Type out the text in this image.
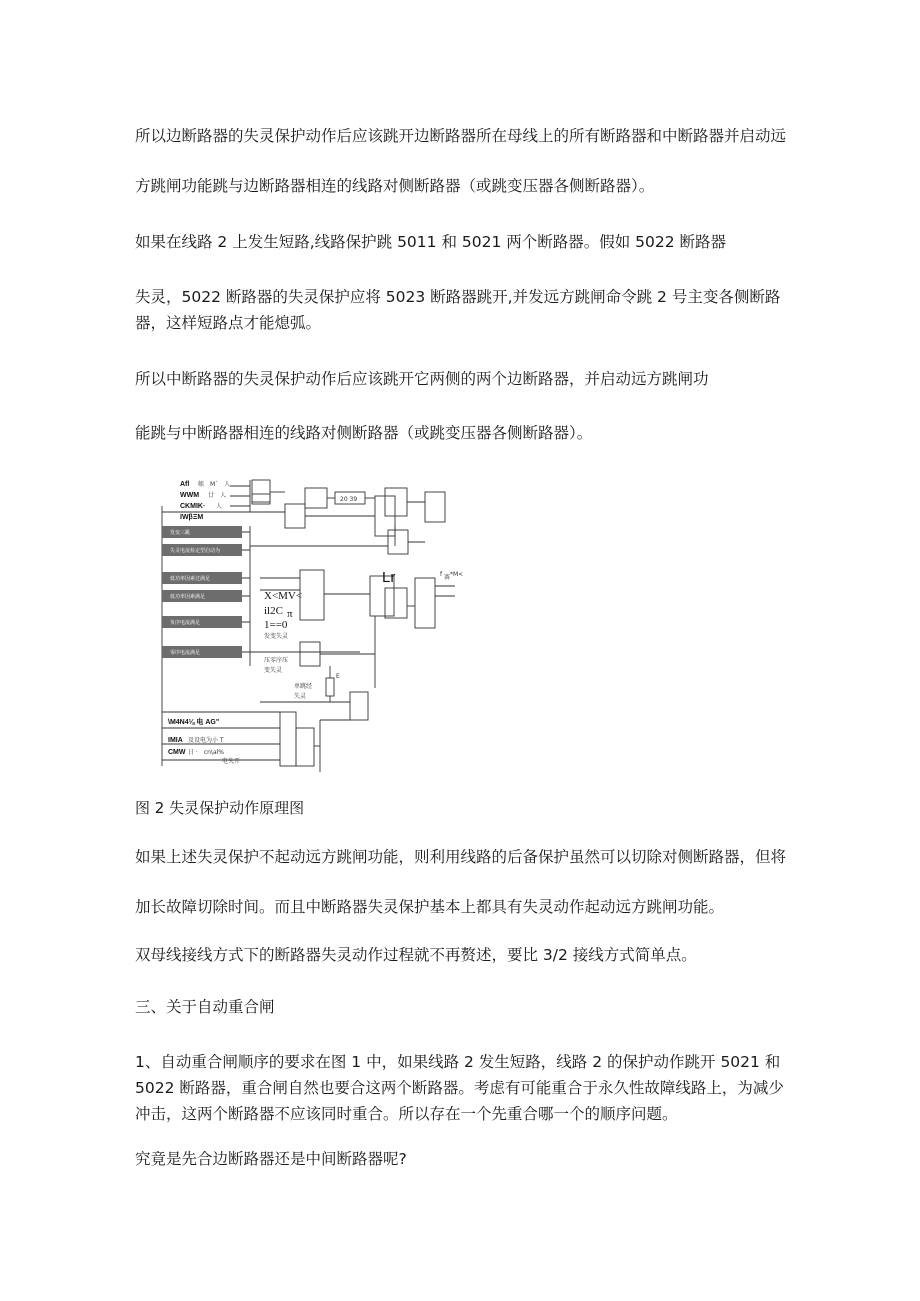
所以边断路器的失灵保护动作后应该跳开边断路器所在母线上的所有断路器和中断路器并启动远

方跳闸功能跳与边断路器相连的线路对侧断路器（或跳变压器各侧断路器）。

如果在线路 2 上发生短路,线路保护跳 5011 和 5021 两个断路器。假如 5022 断路器

失灵，5022 断路器的失灵保护应将 5023 断路器跳开,并发远方跳闸命令跳 2 号主变各侧断路

器，这样短路点才能熄弧。

所以中断路器的失灵保护动作后应该跳开它两侧的两个边断路器，并启动远方跳闸功

能跳与中断路器相连的线路对侧断路器（或跳变压器各侧断路器）。

发变三跳
失灵电流检定型启动为
低功率因素过满足
低功率因素满足
负序电流满足
零序电流满足
Afl 蛆　M`　人
WWM 　廿　人
CKMIK· 　人
IWβΞM
20 39
Lr	f 赛 *M<
X<MV<
il2C π
1==0
发变失灵
压零序压
变失灵
单跳经
失灵
E
\M4N4⅛ 电 AG"
IMIA 及设电为小 T
CMW 日 ·　cn\al%
电失开

图 2 失灵保护动作原理图

如果上述失灵保护不起动远方跳闸功能，则利用线路的后备保护虽然可以切除对侧断路器，但将

加长故障切除时间。而且中断路器失灵保护基本上都具有失灵动作起动远方跳闸功能。

双母线接线方式下的断路器失灵动作过程就不再赘述，要比 3/2 接线方式简单点。

三、关于自动重合闸

1、自动重合闸顺序的要求在图 1 中，如果线路 2 发生短路，线路 2 的保护动作跳开 5021 和

5022 断路器，重合闸自然也要合这两个断路器。考虑有可能重合于永久性故障线路上，为减少

冲击，这两个断路器不应该同时重合。所以存在一个先重合哪一个的顺序问题。

究竟是先合边断路器还是中间断路器呢?
